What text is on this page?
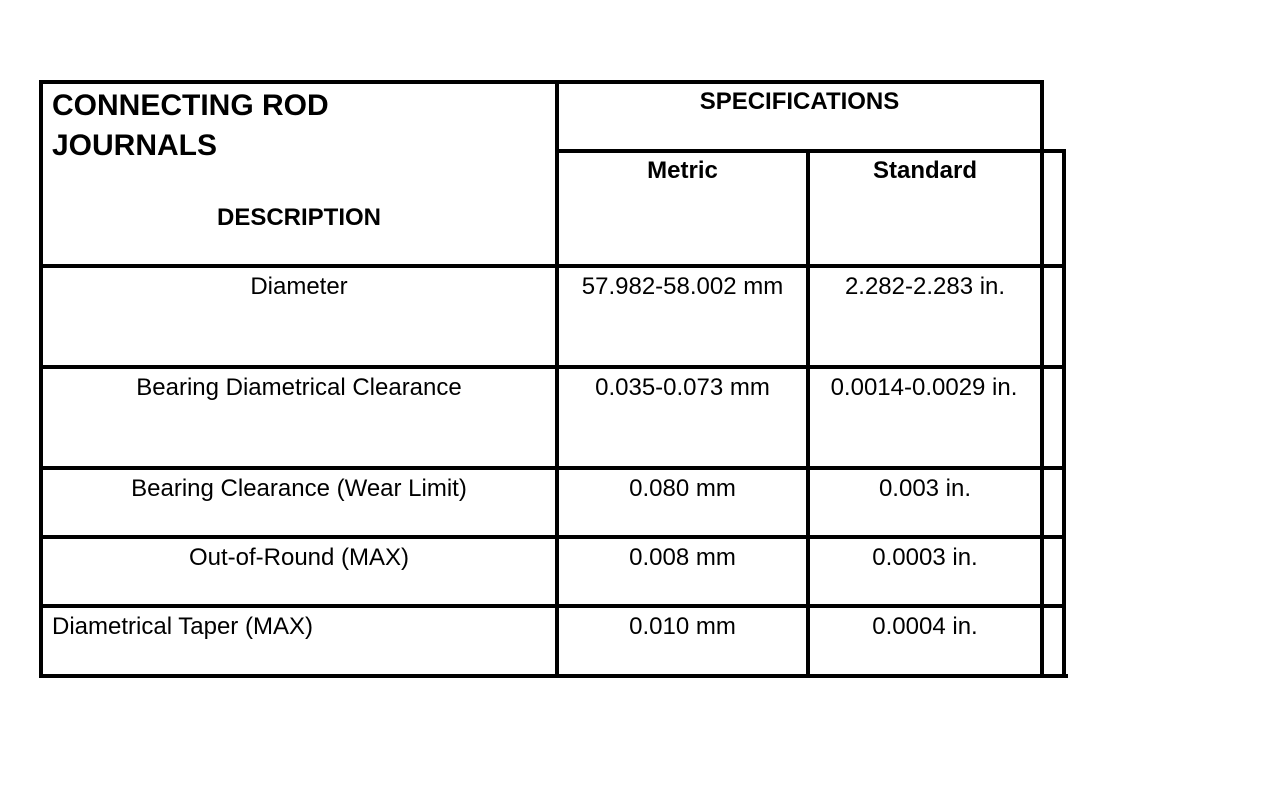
CONNECTING ROD
JOURNALS
DESCRIPTION
SPECIFICATIONS
Metric	Standard
Diameter	57.982-58.002 mm	2.282-2.283 in.
Bearing Diametrical Clearance	0.035-0.073 mm	0.0014-0.0029 in.
Bearing Clearance (Wear Limit)	0.080 mm	0.003 in.
Out-of-Round (MAX)	0.008 mm	0.0003 in.
Diametrical Taper (MAX)	0.010 mm	0.0004 in.
